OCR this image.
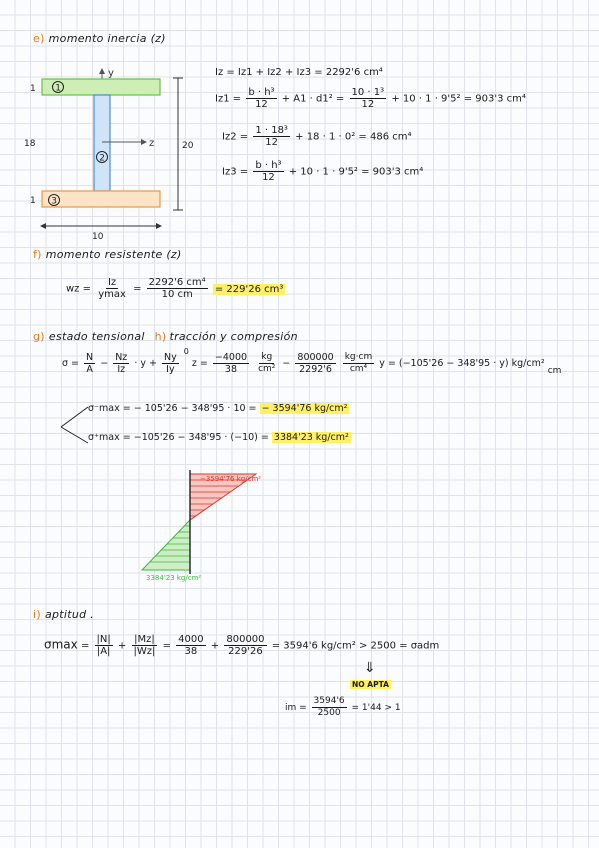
e) momento inercia (z)
y
z
1
2
3
1
18
1
20
10
Iz = Iz1 + Iz2 + Iz3 = 2292'6 cm⁴
$Iz1 = \frac{\text{b · h³}}{12} + A1 \cdot d1^2 = \frac{\text{10 · 1³}}{12} + 10 \cdot 1 \cdot 9'5^2 = 903'3$ cm⁴
$Iz2 = \frac{\text{1 · 18³}}{12} + 18 \cdot 1 \cdot 0^2 = 486$ cm⁴
$Iz3 = \frac{\text{b · h³}}{12} + 10 \cdot 1 \cdot 9'5^2 = 903'3$ cm⁴
f) momento resistente (z)
wz = $\frac{Iz}{ymax} = \frac{\text{2292'6 cm⁴}}{10 cm} = 229'26$ cm³
g) estado tensional h) tracción y compresión
$\sigma = \frac{N}{A} - \frac{Nz}{Iz} \cdot y + \frac{Ny}{Iy}$
$^0$ $z = \frac{-4000}{38}$
$\frac{kg}{\text{cm²}} - \frac{800000}{2292'6}$
$\frac{kg\cdot cm}{\text{cm⁴}}$ y = (−105'26 − 348'95 · y) kg/cm² cm
σ⁻max = − 105'26 − 348'95 · 10 = − 3594'76 kg/cm²
σ⁺max = −105'26 − 348'95 · (−10) = 3384'23 kg/cm²
−3594'76 kg/cm²
3384'23 kg/cm²
i) aptitud .
$\sigma\max = \frac{|N|}{|A|} + \frac{|Mz|}{|Wz|} = \frac{4000}{38} + \frac{800000}{229'26} = 3594'6$ kg/cm² > 2500 = σadm
⇓
NO APTA
im = $\frac{3594'6}{2500} = 1'44 > 1$
